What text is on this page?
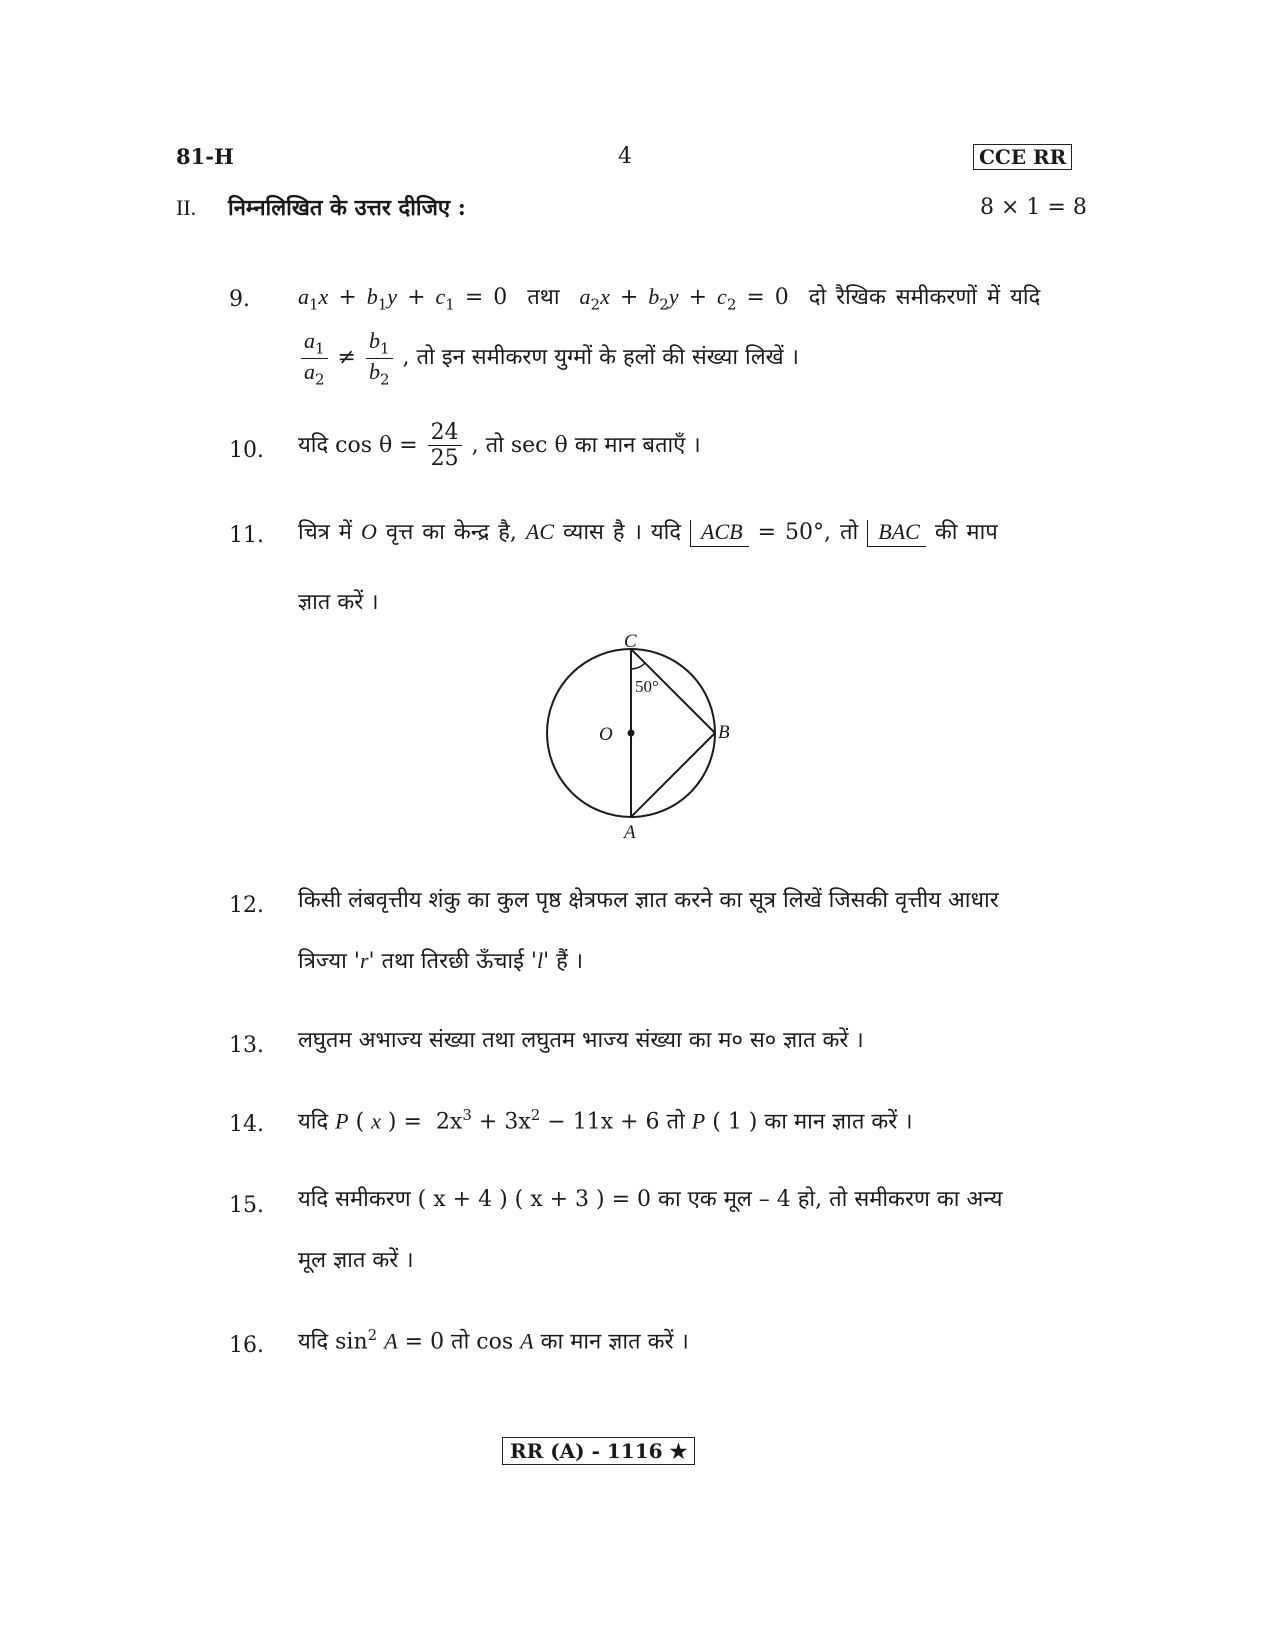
81-H	4	CCE RR
II. निम्नलिखित के उत्तर दीजिए :	8 × 1 = 8
9. $a_1x + b_1y + c_1 = 0$ तथा $a_2x + b_2y + c_2 = 0$ दो रैखिक समीकरणों में यदि
$\frac{a_1}{a_2} \ne \frac{b_1}{b_2}$ , तो इन समीकरण युग्मों के हलों की संख्या लिखें ।
10. यदि $\cos \theta = \frac{24}{25}$ , तो sec θ का मान बताएँ ।
11. चित्र में O वृत्त का केन्द्र है, AC व्यास है । यदि ACB = 50°, तो BAC की माप
ज्ञात करें ।
C
O	B
A
50°
12. किसी लंबवृत्तीय शंकु का कुल पृष्ठ क्षेत्रफल ज्ञात करने का सूत्र लिखें जिसकी वृत्तीय आधार
त्रिज्या 'r' तथा तिरछी ऊँचाई 'l' हैं ।
13. लघुतम अभाज्य संख्या तथा लघुतम भाज्य संख्या का म० स० ज्ञात करें ।
14. यदि P ( x ) =  $2x^3 + 3x^2 - 11x + 6$ तो P ( 1 ) का मान ज्ञात करें ।
15. यदि समीकरण ( x + 4 ) ( x + 3 ) = 0 का एक मूल – 4 हो, तो समीकरण का अन्य
मूल ज्ञात करें ।
16. यदि $\sin^2 A = 0$ तो cos A का मान ज्ञात करें ।
RR (A) - 1116 ★
